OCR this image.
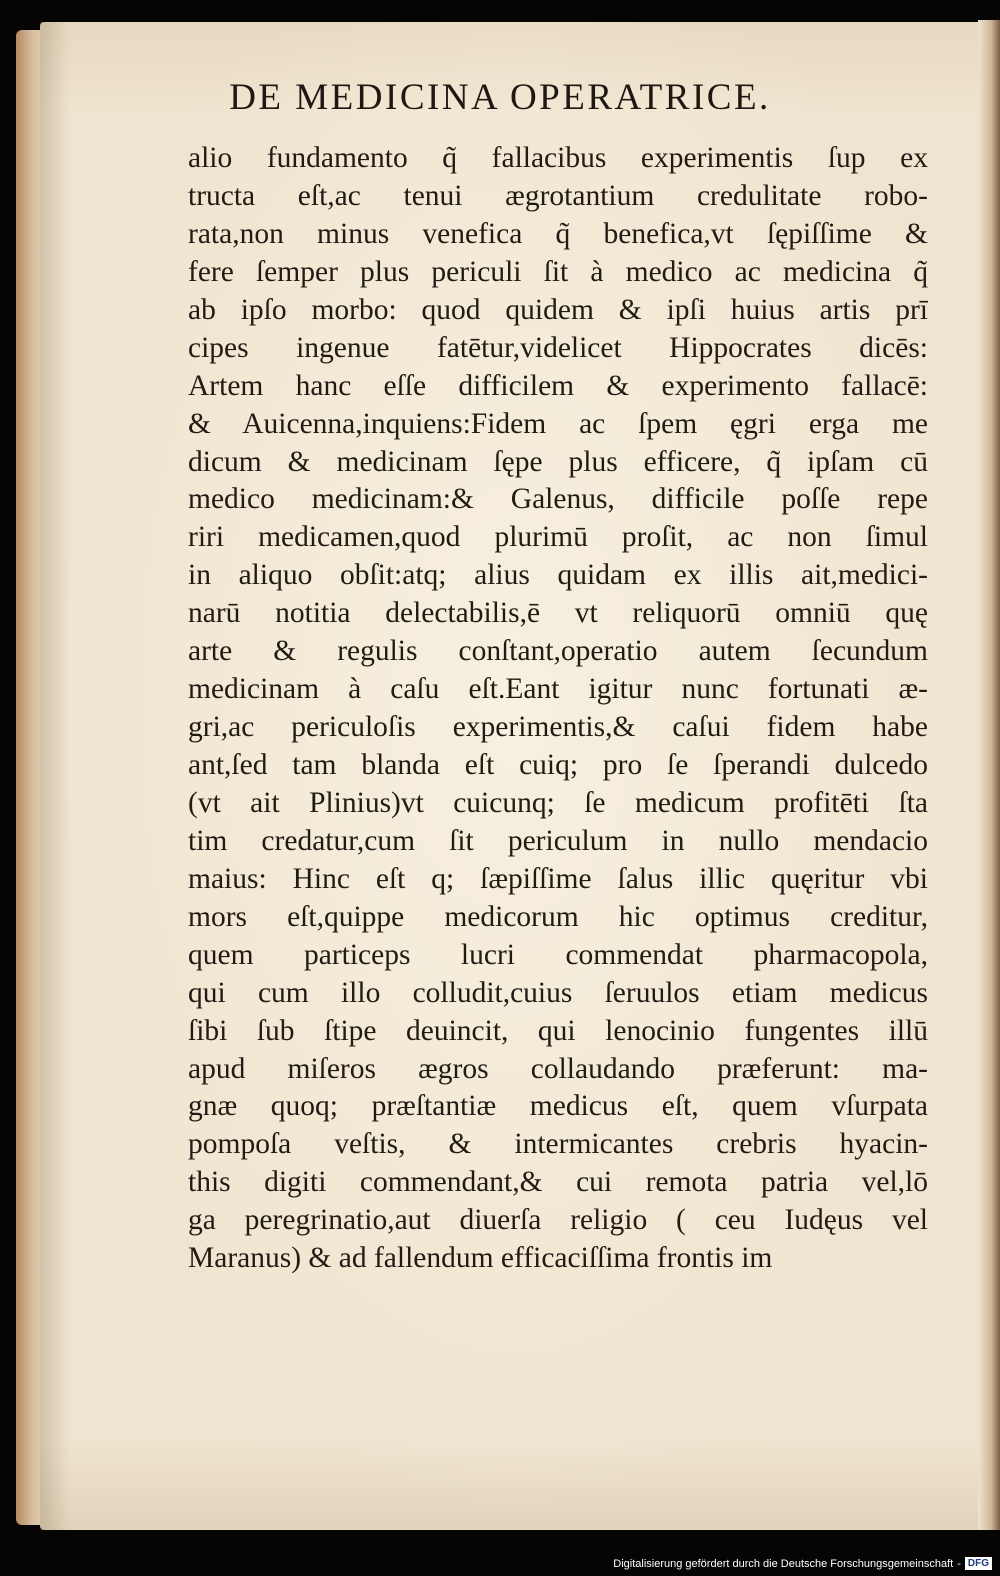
DE MEDICINA OPERATRICE.
alio fundamento q̃ fallacibus experimentis ſup ex
tructa eſt,ac tenui ægrotantium credulitate robo-
rata,non minus venefica q̃ benefica,vt ſępiſſime &
fere ſemper plus periculi ſit à medico ac medicina q̃
ab ipſo morbo: quod quidem & ipſi huius artis prī
cipes ingenue fatētur,videlicet Hippocrates dicēs:
Artem hanc eſſe difficilem & experimento fallacē:
& Auicenna,inquiens:Fidem ac ſpem ęgri erga me
dicum & medicinam ſępe plus efficere, q̃ ipſam cū
medico medicinam:& Galenus, difficile poſſe repe
riri medicamen,quod plurimū proſit, ac non ſimul
in aliquo obſit:atq; alius quidam ex illis ait,medici-
narū notitia delectabilis,ē vt reliquorū omniū quę
arte & regulis conſtant,operatio autem ſecundum
medicinam à caſu eſt.Eant igitur nunc fortunati æ-
gri,ac periculoſis experimentis,& caſui fidem habe
ant,ſed tam blanda eſt cuiq; pro ſe ſperandi dulcedo
(vt ait Plinius)vt cuicunq; ſe medicum profitēti ſta
tim credatur,cum ſit periculum in nullo mendacio
maius: Hinc eſt q; ſæpiſſime ſalus illic quęritur vbi
mors eſt,quippe medicorum hic optimus creditur,
quem particeps lucri commendat pharmacopola,
qui cum illo colludit,cuius ſeruulos etiam medicus
ſibi ſub ſtipe deuincit, qui lenocinio fungentes illū
apud miſeros ægros collaudando præferunt: ma-
gnæ quoq; præſtantiæ medicus eſt, quem vſurpata
pompoſa veſtis, & intermicantes crebris hyacin-
this digiti commendant,& cui remota patria vel,lō
ga peregrinatio,aut diuerſa religio ( ceu Iudęus vel
Maranus) & ad fallendum efficaciſſima frontis im
Digitalisierung gefördert durch die Deutsche Forschungsgemeinschaft - DFG
